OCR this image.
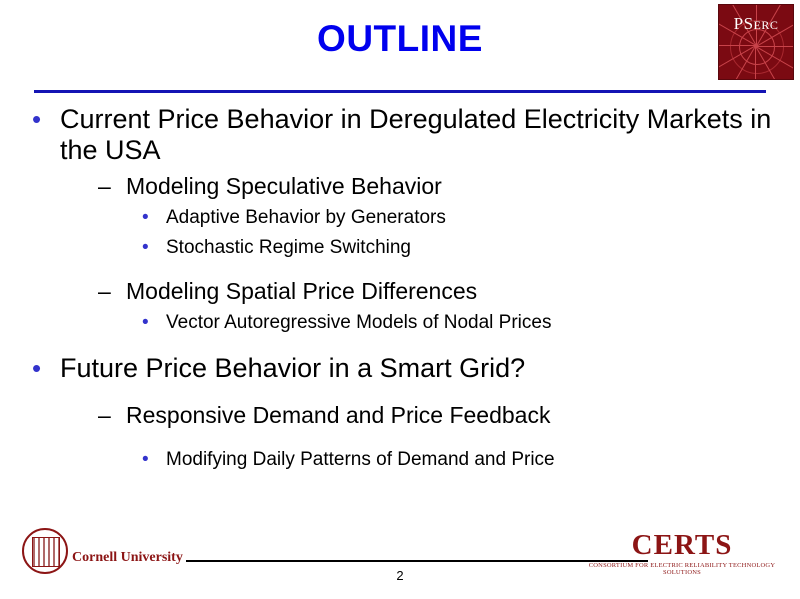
PSERC
OUTLINE
• Current Price Behavior in Deregulated Electricity Markets in the USA
– Modeling Speculative Behavior
• Adaptive Behavior by Generators
• Stochastic Regime Switching
– Modeling Spatial Price Differences
• Vector Autoregressive Models of Nodal Prices
• Future Price Behavior in a Smart Grid?
– Responsive Demand and Price Feedback
• Modifying Daily Patterns of Demand and Price
Cornell University
2
CERTS
CONSORTIUM FOR ELECTRIC RELIABILITY TECHNOLOGY SOLUTIONS
